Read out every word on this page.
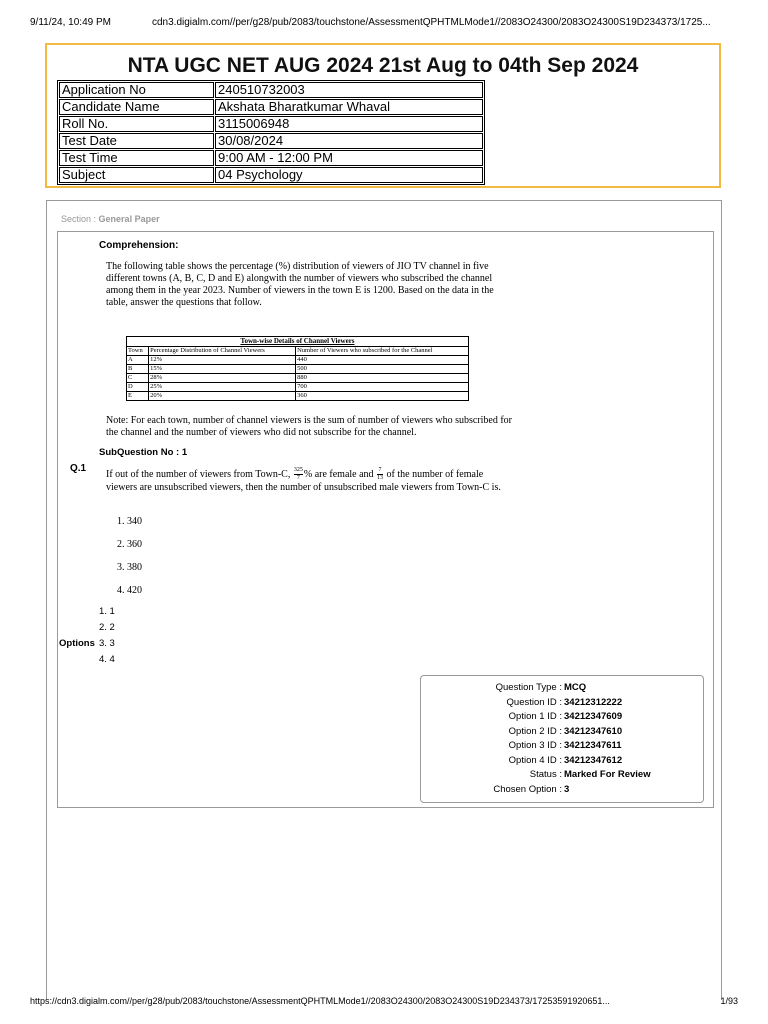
9/11/24, 10:49 PM	cdn3.digialm.com//per/g28/pub/2083/touchstone/AssessmentQPHTMLMode1//2083O24300/2083O24300S19D234373/1725...
NTA UGC NET AUG 2024 21st Aug to 04th Sep 2024
Application No	240510732003
Candidate Name	Akshata Bharatkumar Whaval
Roll No.	3115006948
Test Date	30/08/2024
Test Time	9:00 AM - 12:00 PM
Subject	04 Psychology
Section : General Paper
Comprehension:
The following table shows the percentage (%) distribution of viewers of JIO TV channel in five different towns (A, B, C, D and E) alongwith the number of viewers who subscribed the channel among them in the year 2023. Number of viewers in the town E is 1200. Based on the data in the table, answer the questions that follow.
Town-wise Details of Channel Viewers
Town	Percentage Distribution of Channel Viewers	Number of Viewers who subscribed for the Channel
A	12%	440
B	15%	500
C	28%	880
D	25%	700
E	20%	360
Note: For each town, number of channel viewers is the sum of number of viewers who subscribed for the channel and the number of viewers who did not subscribe for the channel.
SubQuestion No : 1
Q.1
If out of the number of viewers from Town-C, $\frac{325}{7}$ % are female and $\frac{7}{13}$ of the number of female viewers are unsubscribed viewers, then the number of unsubscribed male viewers from Town-C is.
1. 340
2. 360
3. 380
4. 420
Options
1. 1
2. 2
3. 3
4. 4
Question Type : MCQ
Question ID : 34212312222
Option 1 ID : 34212347609
Option 2 ID : 34212347610
Option 3 ID : 34212347611
Option 4 ID : 34212347612
Status : Marked For Review
Chosen Option : 3
https://cdn3.digialm.com//per/g28/pub/2083/touchstone/AssessmentQPHTMLMode1//2083O24300/2083O24300S19D234373/17253591920651...	1/93
